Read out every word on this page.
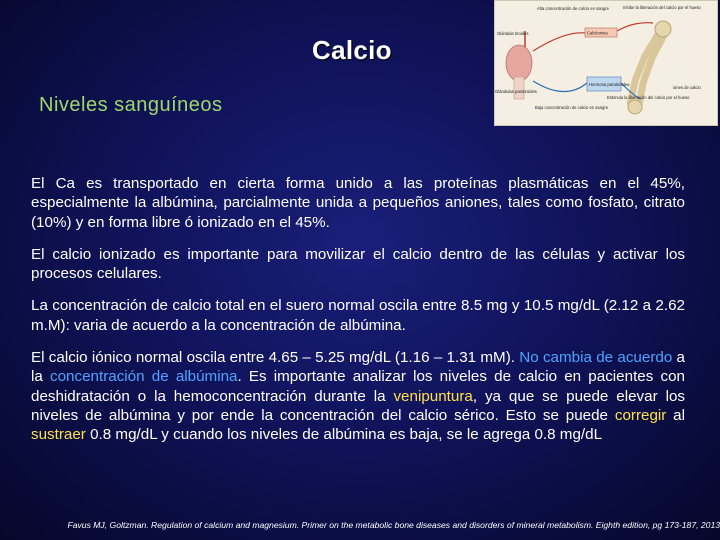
Calcio
Niveles sanguíneos
Alta concentración de calcio en sangre
Glándula tiroides	Calcitonina
Inhibe la liberación del calcio por el hueso
Glándulas paratiroides
Hormona paratiroidea
Estimula la liberación del calcio por el hueso
Baja concentración de calcio en sangre
iones de calcio
El Ca es transportado en cierta forma unido a las proteínas plasmáticas en el 45%, especialmente la albúmina, parcialmente unida a pequeños aniones, tales como fosfato, citrato (10%) y en forma libre ó ionizado en el 45%.
El calcio ionizado es importante para movilizar el calcio dentro de las células y activar los procesos celulares.
La concentración de calcio total en el suero normal oscila entre 8.5 mg y 10.5 mg/dL (2.12 a 2.62 m.M): varia de acuerdo a la concentración de albúmina.
El calcio iónico normal oscila entre 4.65 – 5.25 mg/dL (1.16 – 1.31 mM). No cambia de acuerdo a la concentración de albúmina. Es importante analizar los niveles de calcio en pacientes con deshidratación o la hemoconcentración durante la venipuntura, ya que se puede elevar los niveles de albúmina y por ende la concentración del calcio sérico. Esto se puede corregir al sustraer 0.8 mg/dL y cuando los niveles de albúmina es baja, se le agrega 0.8 mg/dL
Favus MJ, Goltzman. Regulation of calcium and magnesium. Primer on the metabolic bone diseases and disorders of mineral metabolism. Eighth edition, pg 173-187, 2013
